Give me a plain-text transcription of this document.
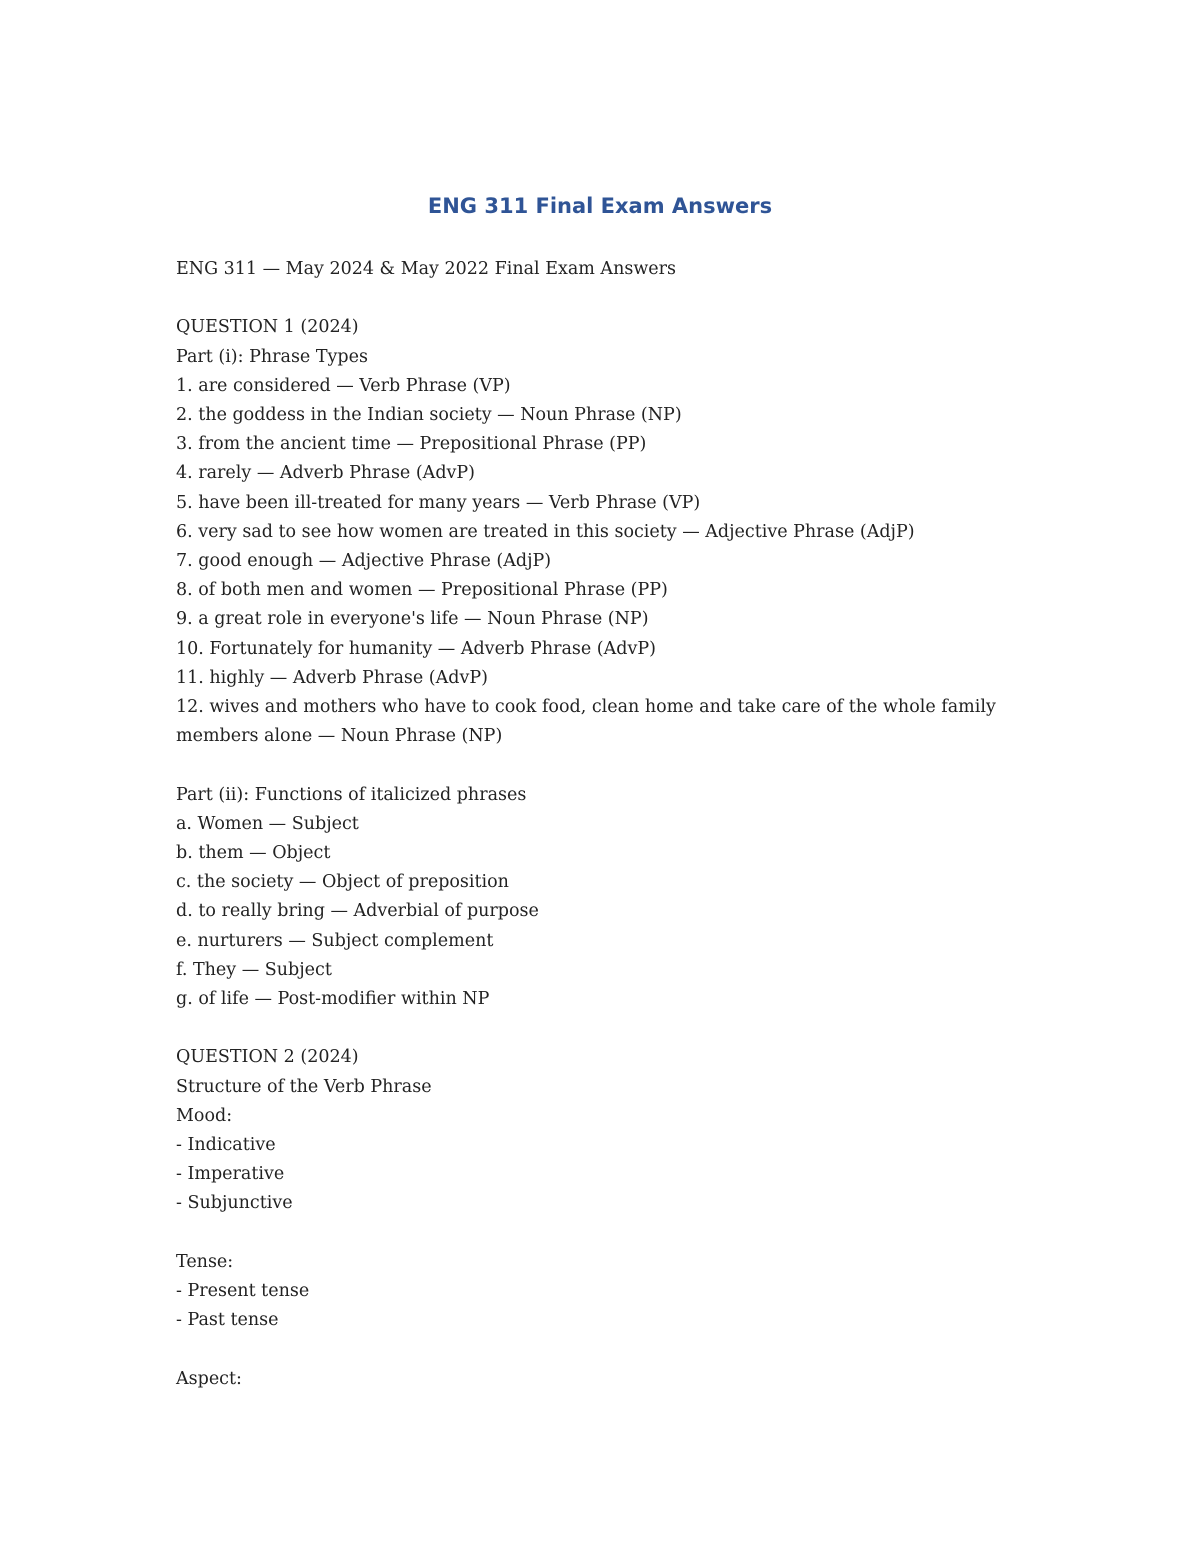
ENG 311 Final Exam Answers

ENG 311 — May 2024 & May 2022 Final Exam Answers

QUESTION 1 (2024)

Part (i): Phrase Types

1. are considered — Verb Phrase (VP)

2. the goddess in the Indian society — Noun Phrase (NP)

3. from the ancient time — Prepositional Phrase (PP)

4. rarely — Adverb Phrase (AdvP)

5. have been ill-treated for many years — Verb Phrase (VP)

6. very sad to see how women are treated in this society — Adjective Phrase (AdjP)

7. good enough — Adjective Phrase (AdjP)

8. of both men and women — Prepositional Phrase (PP)

9. a great role in everyone's life — Noun Phrase (NP)

10. Fortunately for humanity — Adverb Phrase (AdvP)

11. highly — Adverb Phrase (AdvP)

12. wives and mothers who have to cook food, clean home and take care of the whole family members alone — Noun Phrase (NP)

Part (ii): Functions of italicized phrases

a. Women — Subject

b. them — Object

c. the society — Object of preposition

d. to really bring — Adverbial of purpose

e. nurturers — Subject complement

f. They — Subject

g. of life — Post-modifier within NP

QUESTION 2 (2024)

Structure of the Verb Phrase

Mood:

- Indicative

- Imperative

- Subjunctive

Tense:

- Present tense

- Past tense

Aspect:
